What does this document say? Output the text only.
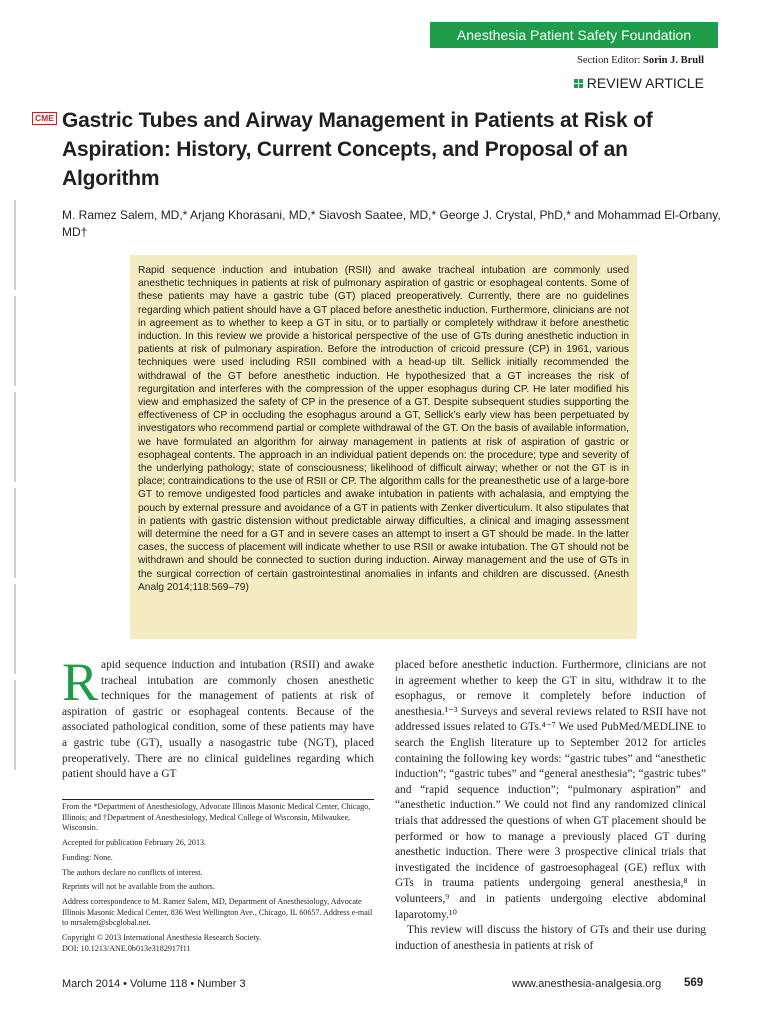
Anesthesia Patient Safety Foundation
Section Editor: Sorin J. Brull
REVIEW ARTICLE
CME Gastric Tubes and Airway Management in Patients at Risk of Aspiration: History, Current Concepts, and Proposal of an Algorithm
M. Ramez Salem, MD,* Arjang Khorasani, MD,* Siavosh Saatee, MD,* George J. Crystal, PhD,* and Mohammad El-Orbany, MD†
Rapid sequence induction and intubation (RSII) and awake tracheal intubation are commonly used anesthetic techniques in patients at risk of pulmonary aspiration of gastric or esophageal contents. Some of these patients may have a gastric tube (GT) placed preoperatively. Currently, there are no guidelines regarding which patient should have a GT placed before anesthetic induction. Furthermore, clinicians are not in agreement as to whether to keep a GT in situ, or to partially or completely withdraw it before anesthetic induction. In this review we provide a historical perspective of the use of GTs during anesthetic induction in patients at risk of pulmonary aspiration. Before the introduction of cricoid pressure (CP) in 1961, various techniques were used including RSII combined with a head-up tilt. Sellick initially recommended the withdrawal of the GT before anesthetic induction. He hypothesized that a GT increases the risk of regurgitation and interferes with the compression of the upper esophagus during CP. He later modified his view and emphasized the safety of CP in the presence of a GT. Despite subsequent studies supporting the effectiveness of CP in occluding the esophagus around a GT, Sellick’s early view has been perpetuated by investigators who recommend partial or complete withdrawal of the GT. On the basis of available information, we have formulated an algorithm for airway management in patients at risk of aspiration of gastric or esophageal contents. The approach in an individual patient depends on: the procedure; type and severity of the underlying pathology; state of consciousness; likelihood of difficult airway; whether or not the GT is in place; contraindications to the use of RSII or CP. The algorithm calls for the preanesthetic use of a large-bore GT to remove undigested food particles and awake intubation in patients with achalasia, and emptying the pouch by external pressure and avoidance of a GT in patients with Zenker diverticulum. It also stipulates that in patients with gastric distension without predictable airway difficulties, a clinical and imaging assessment will determine the need for a GT and in severe cases an attempt to insert a GT should be made. In the latter cases, the success of placement will indicate whether to use RSII or awake intubation. The GT should not be withdrawn and should be connected to suction during induction. Airway management and the use of GTs in the surgical correction of certain gastrointestinal anomalies in infants and children are discussed. (Anesth Analg 2014;118:569–79)
Rapid sequence induction and intubation (RSII) and awake tracheal intubation are commonly chosen anesthetic techniques for the management of patients at risk of aspiration of gastric or esophageal contents. Because of the associated pathological condition, some of these patients may have a gastric tube (GT), usually a nasogastric tube (NGT), placed preoperatively. There are no clinical guidelines regarding which patient should have a GT

placed before anesthetic induction. Furthermore, clinicians are not in agreement whether to keep the GT in situ, withdraw it to the esophagus, or remove it completely before induction of anesthesia.¹⁻³ Surveys and several reviews related to RSII have not addressed issues related to GTs.⁴⁻⁷ We used PubMed/MEDLINE to search the English literature up to September 2012 for articles containing the following key words: “gastric tubes” and “anesthetic induction”; “gastric tubes” and “general anesthesia”; “gastric tubes” and “rapid sequence induction”; “pulmonary aspiration” and “anesthetic induction.” We could not find any randomized clinical trials that addressed the questions of when GT placement should be performed or how to manage a previously placed GT during anesthetic induction. There were 3 prospective clinical trials that investigated the incidence of gastroesophageal (GE) reflux with GTs in trauma patients undergoing general anesthesia,⁸ in volunteers,⁹ and in patients undergoing elective abdominal laparotomy.¹⁰

This review will discuss the history of GTs and their use during induction of anesthesia in patients at risk of

From the *Department of Anesthesiology, Advocate Illinois Masonic Medical Center, Chicago, Illinois; and †Department of Anesthesiology, Medical College of Wisconsin, Milwaukee, Wisconsin.

Accepted for publication February 26, 2013.

Funding: None.

The authors declare no conflicts of interest.

Reprints will not be available from the authors.

Address correspondence to M. Ramez Salem, MD, Department of Anesthesiology, Advocate Illinois Masonic Medical Center, 836 West Wellington Ave., Chicago, IL 60657. Address e-mail to mrsalem@sbcglobal.net.

Copyright © 2013 International Anesthesia Research Society.

DOI: 10.1213/ANE.0b013e3182917f11

March 2014 • Volume 118 • Number 3	www.anesthesia-analgesia.org 569
